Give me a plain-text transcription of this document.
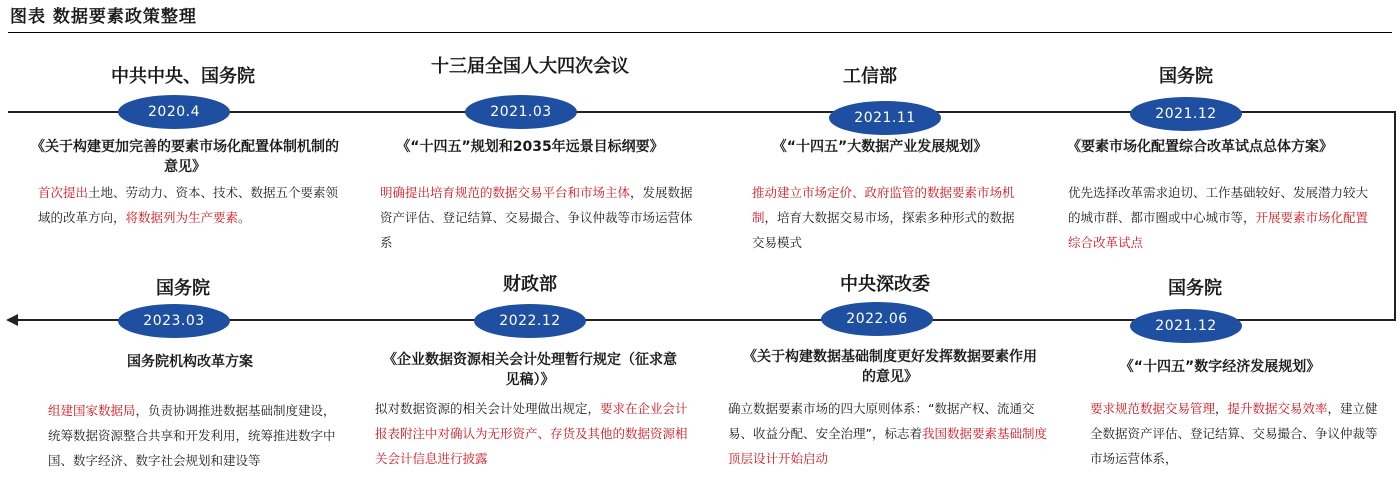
图表 数据要素政策整理
中共中央、国务院
2020.4
《关于构建更加完善的要素市场化配置体制机制的意见》
首次提出土地、劳动力、资本、技术、数据五个要素领域的改革方向，将数据列为生产要素。
十三届全国人大四次会议
2021.03
《“十四五”规划和2035年远景目标纲要》
明确提出培育规范的数据交易平台和市场主体，发展数据资产评估、登记结算、交易撮合、争议仲裁等市场运营体系
工信部
2021.11
《“十四五”大数据产业发展规划》
推动建立市场定价、政府监管的数据要素市场机制，培育大数据交易市场，探索多种形式的数据交易模式
国务院
2021.12
《要素市场化配置综合改革试点总体方案》
优先选择改革需求迫切、工作基础较好、发展潜力较大的城市群、都市圈或中心城市等，开展要素市场化配置综合改革试点
国务院
2021.12
《“十四五”数字经济发展规划》
要求规范数据交易管理，提升数据交易效率，建立健全数据资产评估、登记结算、交易撮合、争议仲裁等市场运营体系，
中央深改委
2022.06
《关于构建数据基础制度更好发挥数据要素作用的意见》
确立数据要素市场的四大原则体系：“数据产权、流通交易、收益分配、安全治理”，标志着我国数据要素基础制度顶层设计开始启动
财政部
2022.12
《企业数据资源相关会计处理暂行规定（征求意见稿）》
拟对数据资源的相关会计处理做出规定，要求在企业会计报表附注中对确认为无形资产、存货及其他的数据资源相关会计信息进行披露
国务院
2023.03
国务院机构改革方案
组建国家数据局，负责协调推进数据基础制度建设，统筹数据资源整合共享和开发利用，统筹推进数字中国、数字经济、数字社会规划和建设等
